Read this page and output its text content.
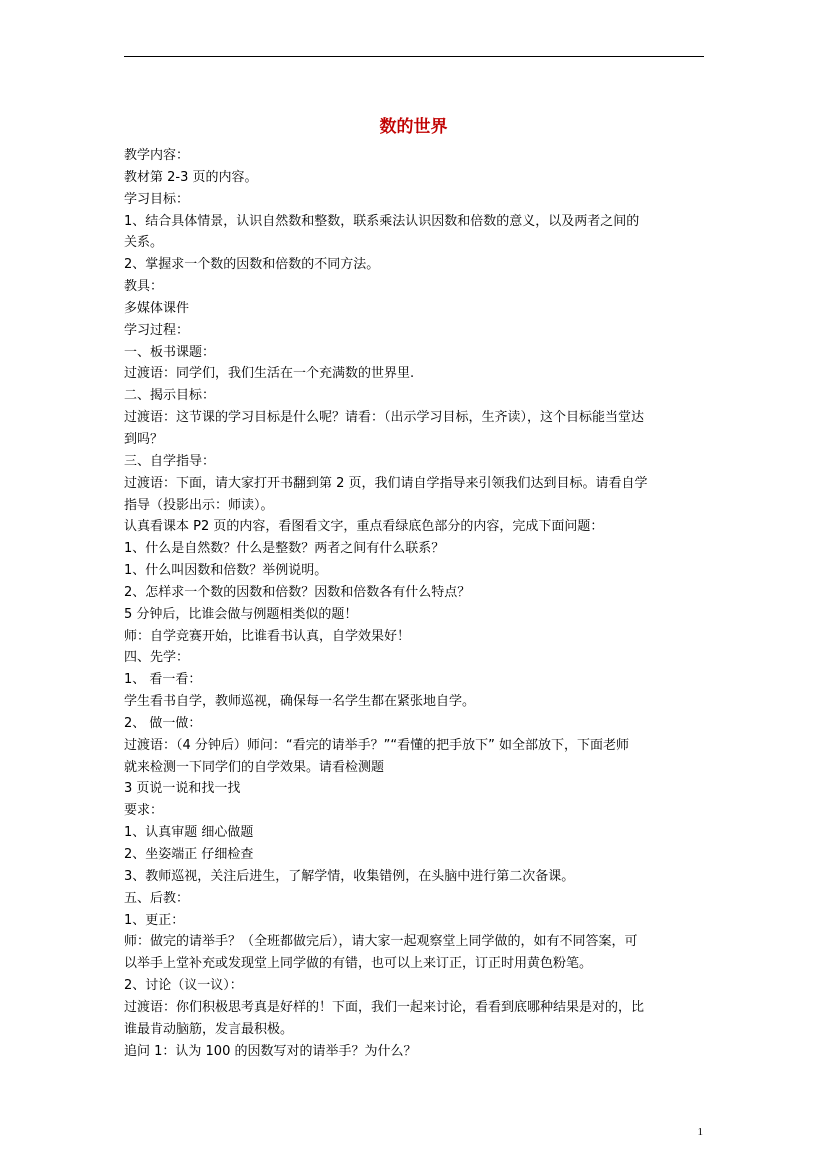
数的世界
教学内容：
教材第 2-3 页的内容。
学习目标：
1、结合具体情景，认识自然数和整数，联系乘法认识因数和倍数的意义，以及两者之间的
关系。
2、掌握求一个数的因数和倍数的不同方法。
教具：
多媒体课件
学习过程：
一、板书课题：
过渡语：同学们，我们生活在一个充满数的世界里.
二、揭示目标：
过渡语：这节课的学习目标是什么呢？请看：（出示学习目标，生齐读），这个目标能当堂达
到吗？
三、自学指导：
过渡语：下面，请大家打开书翻到第 2 页，我们请自学指导来引领我们达到目标。请看自学
指导（投影出示：师读）。
认真看课本 P2 页的内容，看图看文字，重点看绿底色部分的内容，完成下面问题：
1、什么是自然数？什么是整数？两者之间有什么联系？
1、什么叫因数和倍数？举例说明。
2、怎样求一个数的因数和倍数？因数和倍数各有什么特点？
5 分钟后，比谁会做与例题相类似的题！
师：自学竞赛开始，比谁看书认真，自学效果好！
四、先学：
1、 看一看：
学生看书自学，教师巡视，确保每一名学生都在紧张地自学。
2、 做一做：
过渡语：（4 分钟后）师问：“看完的请举手？”“看懂的把手放下” 如全部放下，下面老师
就来检测一下同学们的自学效果。请看检测题
3 页说一说和找一找
要求：
1、认真审题 细心做题
2、坐姿端正 仔细检查
3、教师巡视，关注后进生，了解学情，收集错例，在头脑中进行第二次备课。
五、后教：
1、更正：
师：做完的请举手？（全班都做完后），请大家一起观察堂上同学做的，如有不同答案，可
以举手上堂补充或发现堂上同学做的有错，也可以上来订正，订正时用黄色粉笔。
2、讨论（议一议）：
过渡语：你们积极思考真是好样的！下面，我们一起来讨论，看看到底哪种结果是对的，比
谁最肯动脑筋，发言最积极。
追问 1：认为 100 的因数写对的请举手？为什么？
1
